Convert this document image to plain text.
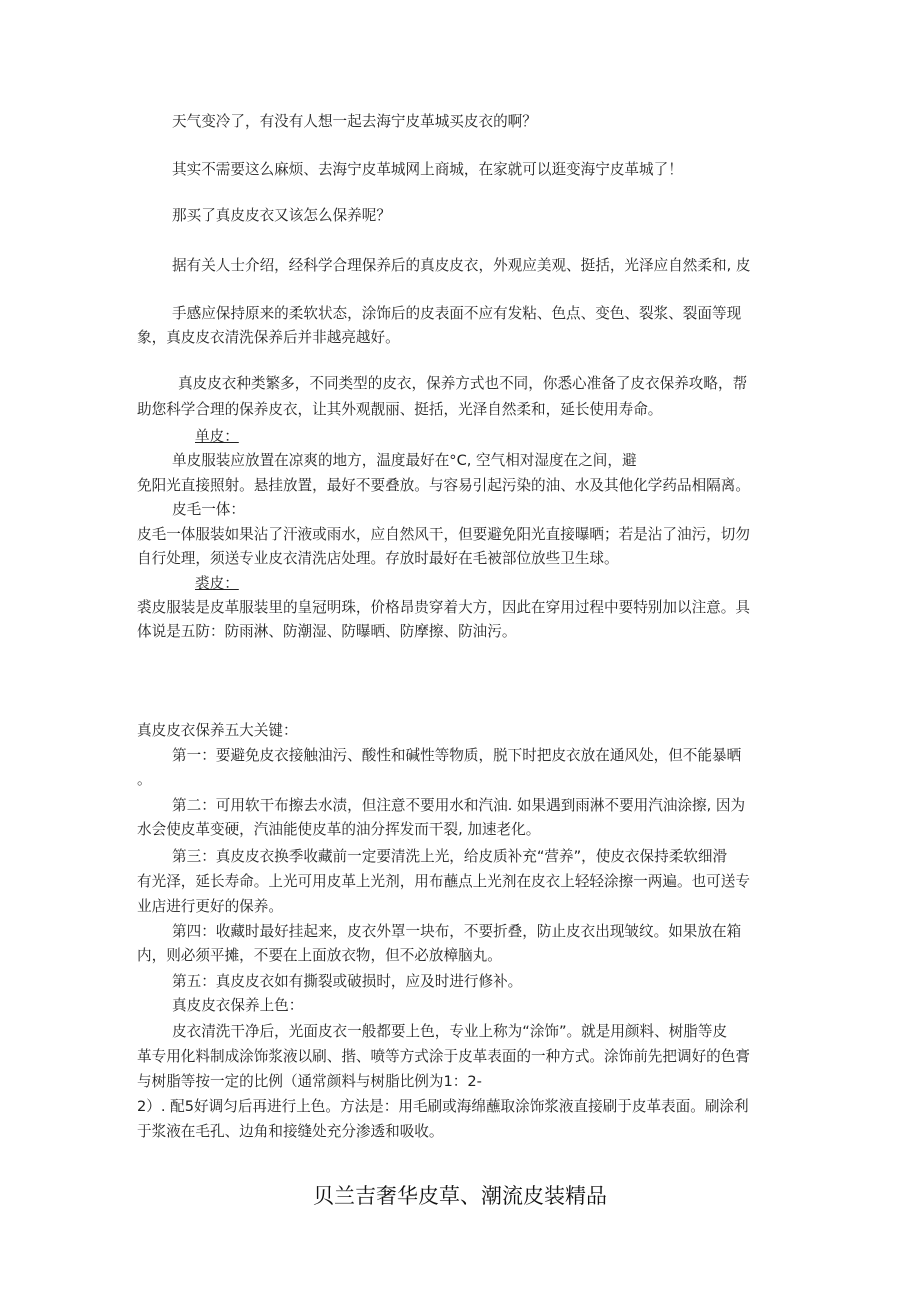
天气变冷了，有没有人想一起去海宁皮革城买皮衣的啊？
其实不需要这么麻烦、去海宁皮革城网上商城，在家就可以逛变海宁皮革城了！
那买了真皮皮衣又该怎么保养呢？
据有关人士介绍，经科学合理保养后的真皮皮衣，外观应美观、挺括，光泽应自然柔和, 皮
手感应保持原来的柔软状态，涂饰后的皮表面不应有发粘、色点、变色、裂浆、裂面等现
象，真皮皮衣清洗保养后并非越亮越好。
真皮皮衣种类繁多，不同类型的皮衣，保养方式也不同，你悉心准备了皮衣保养攻略，帮
助您科学合理的保养皮衣，让其外观靓丽、挺括，光泽自然柔和，延长使用寿命。
单皮：
单皮服装应放置在凉爽的地方，温度最好在°C, 空气相对湿度在之间，避
免阳光直接照射。悬挂放置，最好不要叠放。与容易引起污染的油、水及其他化学药品相隔离。
皮毛一体：
皮毛一体服装如果沾了汗液或雨水，应自然风干，但要避免阳光直接曝晒；若是沾了油污，切勿
自行处理，须送专业皮衣清洗店处理。存放时最好在毛被部位放些卫生球。
裘皮：
裘皮服装是皮革服装里的皇冠明珠，价格昂贵穿着大方，因此在穿用过程中要特别加以注意。具
体说是五防：防雨淋、防潮湿、防曝晒、防摩擦、防油污。
真皮皮衣保养五大关键：
第一：要避免皮衣接触油污、酸性和碱性等物质，脱下时把皮衣放在通风处，但不能暴晒
。
第二：可用软干布擦去水渍，但注意不要用水和汽油. 如果遇到雨淋不要用汽油涂擦, 因为
水会使皮革变硬，汽油能使皮革的油分挥发而干裂, 加速老化。
第三：真皮皮衣换季收藏前一定要清洗上光，给皮质补充“营养”，使皮衣保持柔软细滑
有光泽，延长寿命。上光可用皮革上光剂，用布蘸点上光剂在皮衣上轻轻涂擦一两遍。也可送专
业店进行更好的保养。
第四：收藏时最好挂起来，皮衣外罩一块布，不要折叠，防止皮衣出现皱纹。如果放在箱
内，则必须平摊，不要在上面放衣物，但不必放樟脑丸。
第五：真皮皮衣如有撕裂或破损时，应及时进行修补。
真皮皮衣保养上色：
皮衣清洗干净后，光面皮衣一般都要上色，专业上称为“涂饰”。就是用颜料、树脂等皮
革专用化料制成涂饰浆液以刷、揩、喷等方式涂于皮革表面的一种方式。涂饰前先把调好的色膏
与树脂等按一定的比例（通常颜料与树脂比例为1：2-
2）. 配5好调匀后再进行上色。方法是：用毛刷或海绵蘸取涂饰浆液直接刷于皮革表面。刷涂利
于浆液在毛孔、边角和接缝处充分渗透和吸收。
贝兰吉奢华皮草、潮流皮装精品
